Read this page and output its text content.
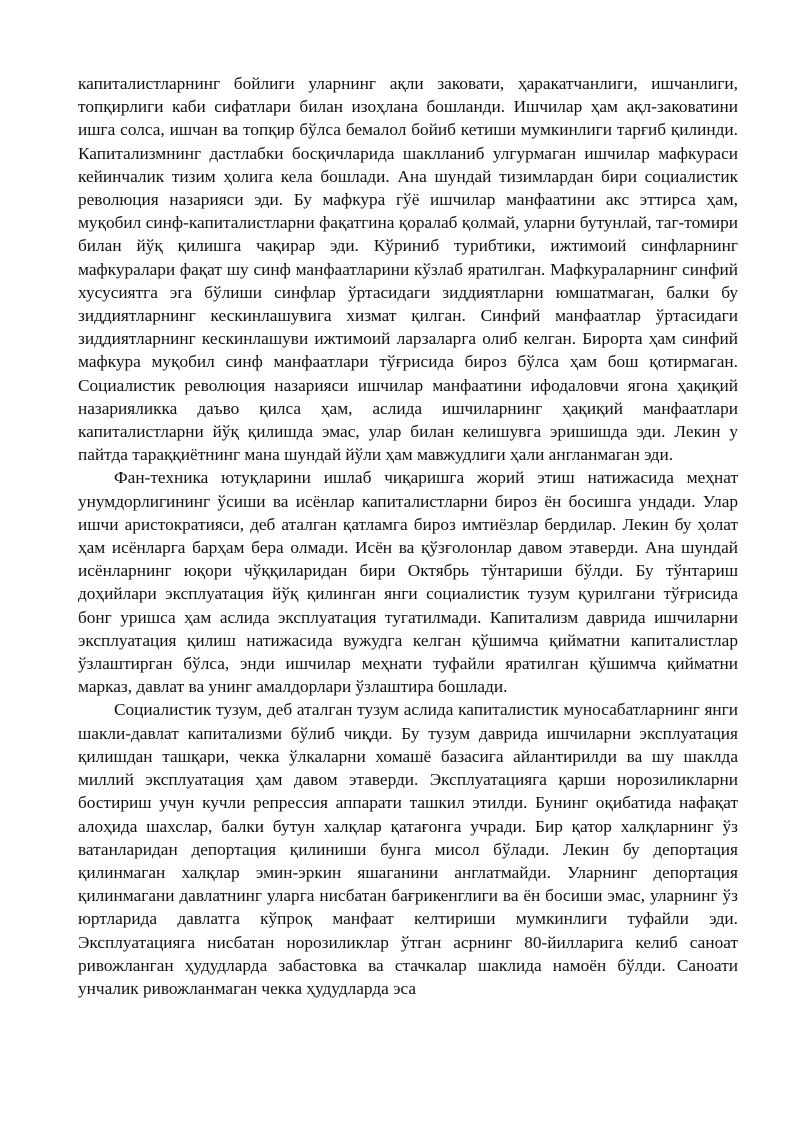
капиталистларнинг бойлиги уларнинг ақли заковати, ҳаракатчанлиги, ишчанлиги, топқирлиги каби сифатлари билан изоҳлана бошланди. Ишчилар ҳам ақл-заковатини ишга солса, ишчан ва топқир бўлса бемалол бойиб кетиши мумкинлиги тарғиб қилинди. Капитализмнинг дастлабки босқичларида шаклланиб улгурмаган ишчилар мафкураси кейинчалик тизим ҳолига кела бошлади. Ана шундай тизимлардан бири социалистик революция назарияси эди. Бу мафкура гўё ишчилар манфаатини акс эттирса ҳам, муқобил синф-капиталистларни фақатгина қоралаб қолмай, уларни бутунлай, таг-томири билан йўқ қилишга чақирар эди. Кўриниб турибтики, ижтимоий синфларнинг мафкуралари фақат шу синф манфаатларини кўзлаб яратилган. Мафкураларнинг синфий хусусиятга эга бўлиши синфлар ўртасидаги зиддиятларни юмшатмаган, балки бу зиддиятларнинг кескинлашувига хизмат қилган. Синфий манфаатлар ўртасидаги зиддиятларнинг кескинлашуви ижтимоий ларзаларга олиб келган. Бирорта ҳам синфий мафкура муқобил синф манфаатлари тўғрисида бироз бўлса ҳам бош қотирмаган. Социалистик революция назарияси ишчилар манфаатини ифодаловчи ягона ҳақиқий назарияликка даъво қилса ҳам, аслида ишчиларнинг ҳақиқий манфаатлари капиталистларни йўқ қилишда эмас, улар билан келишувга эришишда эди. Лекин у пайтда тараққиётнинг мана шундай йўли ҳам мавжудлиги ҳали англанмаган эди.

Фан-техника ютуқларини ишлаб чиқаришга жорий этиш натижасида меҳнат унумдорлигининг ўсиши ва исёнлар капиталистларни бироз ён босишга ундади. Улар ишчи аристократияси, деб аталган қатламга бироз имтиёзлар бердилар. Лекин бу ҳолат ҳам исёнларга барҳам бера олмади. Исён ва қўзғолонлар давом этаверди. Ана шундай исёнларнинг юқори чўққиларидан бири Октябрь тўнтариши бўлди. Бу тўнтариш доҳийлари эксплуатация йўқ қилинган янги социалистик тузум қурилгани тўғрисида бонг уришса ҳам аслида эксплуатация тугатилмади. Капитализм даврида ишчиларни эксплуатация қилиш натижасида вужудга келган қўшимча қийматни капиталистлар ўзлаштирган бўлса, энди ишчилар меҳнати туфайли яратилган қўшимча қийматни марказ, давлат ва унинг амалдорлари ўзлаштира бошлади.

Социалистик тузум, деб аталган тузум аслида капиталистик муносабатларнинг янги шакли-давлат капитализми бўлиб чиқди. Бу тузум даврида ишчиларни эксплуатация қилишдан ташқари, чекка ўлкаларни хомашё базасига айлантирилди ва шу шаклда миллий эксплуатация ҳам давом этаверди. Эксплуатацияга қарши норозиликларни бостириш учун кучли репрессия аппарати ташкил этилди. Бунинг оқибатида нафақат алоҳида шахслар, балки бутун халқлар қатағонга учради. Бир қатор халқларнинг ўз ватанларидан депортация қилиниши бунга мисол бўлади. Лекин бу депортация қилинмаган халқлар эмин-эркин яшаганини англатмайди. Уларнинг депортация қилинмагани давлатнинг уларга нисбатан бағрикенглиги ва ён босиши эмас, уларнинг ўз юртларида давлатга кўпроқ манфаат келтириши мумкинлиги туфайли эди. Эксплуатацияга нисбатан норозиликлар ўтган асрнинг 80-йилларига келиб саноат ривожланган ҳудудларда забастовка ва стачкалар шаклида намоён бўлди. Саноати унчалик ривожланмаган чекка ҳудудларда эса
